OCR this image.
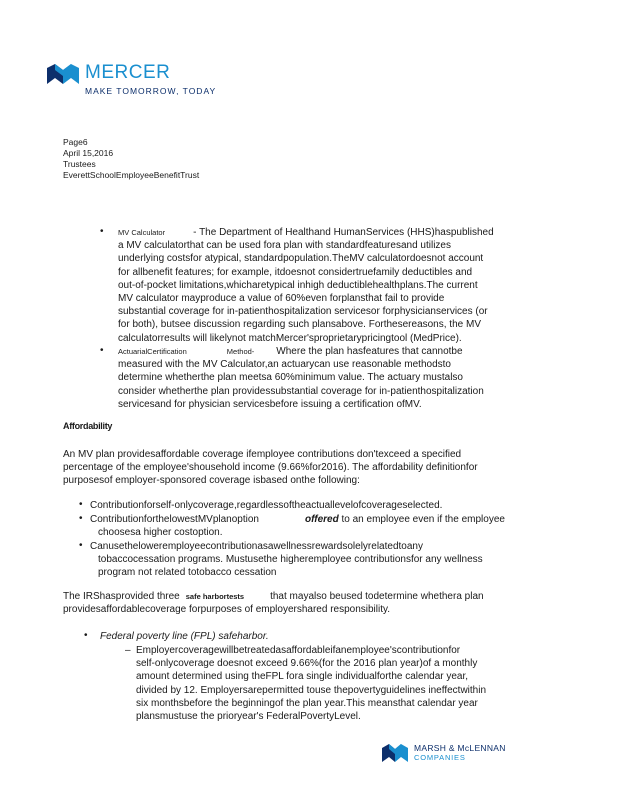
MERCER
MAKE TOMORROW, TODAY
Page6
April 15,2016
Trustees
EverettSchoolEmployeeBenefitTrust
• MV Calculator	- The Department of Healthand HumanServices (HHS)haspublished
a MV calculatorthat can be used fora plan with standardfeaturesand utilizes
underlying costsfor atypical, standardpopulation.TheMV calculatordoesnot account
for allbenefit features; for example, itdoesnot considertruefamily deductibles and
out-of-pocket limitations,whicharetypical inhigh deductiblehealthplans.The current
MV calculator mayproduce a value of 60%even forplansthat fail to provide
substantial coverage for in-patienthospitalization servicesor forphysicianservices (or
for both), butsee discussion regarding such plansabove. Forthesereasons, the MV
calculatorresults will likelynot matchMercer'sproprietarypricingtool (MedPrice).
• ActuarialCertification	Method- Where the plan hasfeatures that cannotbe
measured with the MV Calculator,an actuarycan use reasonable methodsto
determine whetherthe plan meetsa 60%minimum value. The actuary mustalso
consider whetherthe plan providessubstantial coverage for in-patienthospitalization
servicesand for physician servicesbefore issuing a certification ofMV.
Affordability
An MV plan providesaffordable coverage ifemployee contributions don'texceed a specified
percentage of the employee'shousehold income (9.66%for2016). The affordability definitionfor
purposesof employer-sponsored coverage isbased onthe following:
• Contributionforself-onlycoverage,regardlessoftheactuallevelofcoverageselected.
• ContributionforthelowestMVplanoption	offered to an employee even if the employee
choosesa higher costoption.
• Canusetheloweremployeecontributionasawellnessrewardsolelyrelatedtoany
tobaccocessation programs. Mustusethe higheremployee contributionsfor any wellness
program not related totobacco cessation
The IRShasprovided three safe harbortests	that mayalso beused todetermine whethera plan
providesaffordablecoverage forpurposes of employershared responsibility.
• Federal poverty line (FPL) safeharbor.
– Employercoveragewillbetreatedasaffordableifanemployee'scontributionfor
self-onlycoverage doesnot exceed 9.66%(for the 2016 plan year)of a monthly
amount determined using theFPL fora single individualforthe calendar year,
divided by 12. Employersarepermitted touse thepovertyguidelines ineffectwithin
six monthsbefore the beginningof the plan year.This meansthat calendar year
plansmustuse the prioryear's FederalPovertyLevel.
MARSH & McLENNAN
COMPANIES
